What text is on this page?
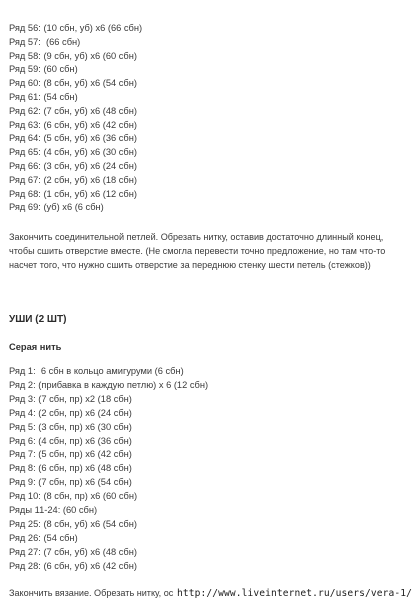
Ряд 56: (10 сбн, уб) х6 (66 сбн)
Ряд 57:  (66 сбн)
Ряд 58: (9 сбн, уб) х6 (60 сбн)
Ряд 59: (60 сбн)
Ряд 60: (8 сбн, уб) х6 (54 сбн)
Ряд 61: (54 сбн)
Ряд 62: (7 сбн, уб) х6 (48 сбн)
Ряд 63: (6 сбн, уб) х6 (42 сбн)
Ряд 64: (5 сбн, уб) х6 (36 сбн)
Ряд 65: (4 сбн, уб) х6 (30 сбн)
Ряд 66: (3 сбн, уб) х6 (24 сбн)
Ряд 67: (2 сбн, уб) х6 (18 сбн)
Ряд 68: (1 сбн, уб) х6 (12 сбн)
Ряд 69: (уб) х6 (6 сбн)
Закончить соединительной петлей. Обрезать нитку, оставив достаточно длинный конец, чтобы сшить отверстие вместе. (Не смогла перевести точно предложение, но там что-то насчет того, что нужно сшить отверстие за переднюю стенку шести петель (стежков))
УШИ (2 ШТ)
Серая нить
Ряд 1:  6 сбн в кольцо амигуруми (6 сбн)
Ряд 2: (прибавка в каждую петлю) х 6 (12 сбн)
Ряд 3: (7 сбн, пр) х2 (18 сбн)
Ряд 4: (2 сбн, пр) х6 (24 сбн)
Ряд 5: (3 сбн, пр) х6 (30 сбн)
Ряд 6: (4 сбн, пр) х6 (36 сбн)
Ряд 7: (5 сбн, пр) х6 (42 сбн)
Ряд 8: (6 сбн, пр) х6 (48 сбн)
Ряд 9: (7 сбн, пр) х6 (54 сбн)
Ряд 10: (8 сбн, пр) х6 (60 сбн)
Ряды 11-24: (60 сбн)
Ряд 25: (8 сбн, уб) х6 (54 сбн)
Ряд 26: (54 сбн)
Ряд 27: (7 сбн, уб) х6 (48 сбн)
Ряд 28: (6 сбн, уб) х6 (42 сбн)
Закончить вязание. Обрезать нитку, ос http://www.liveinternet.ru/users/vera-1/
